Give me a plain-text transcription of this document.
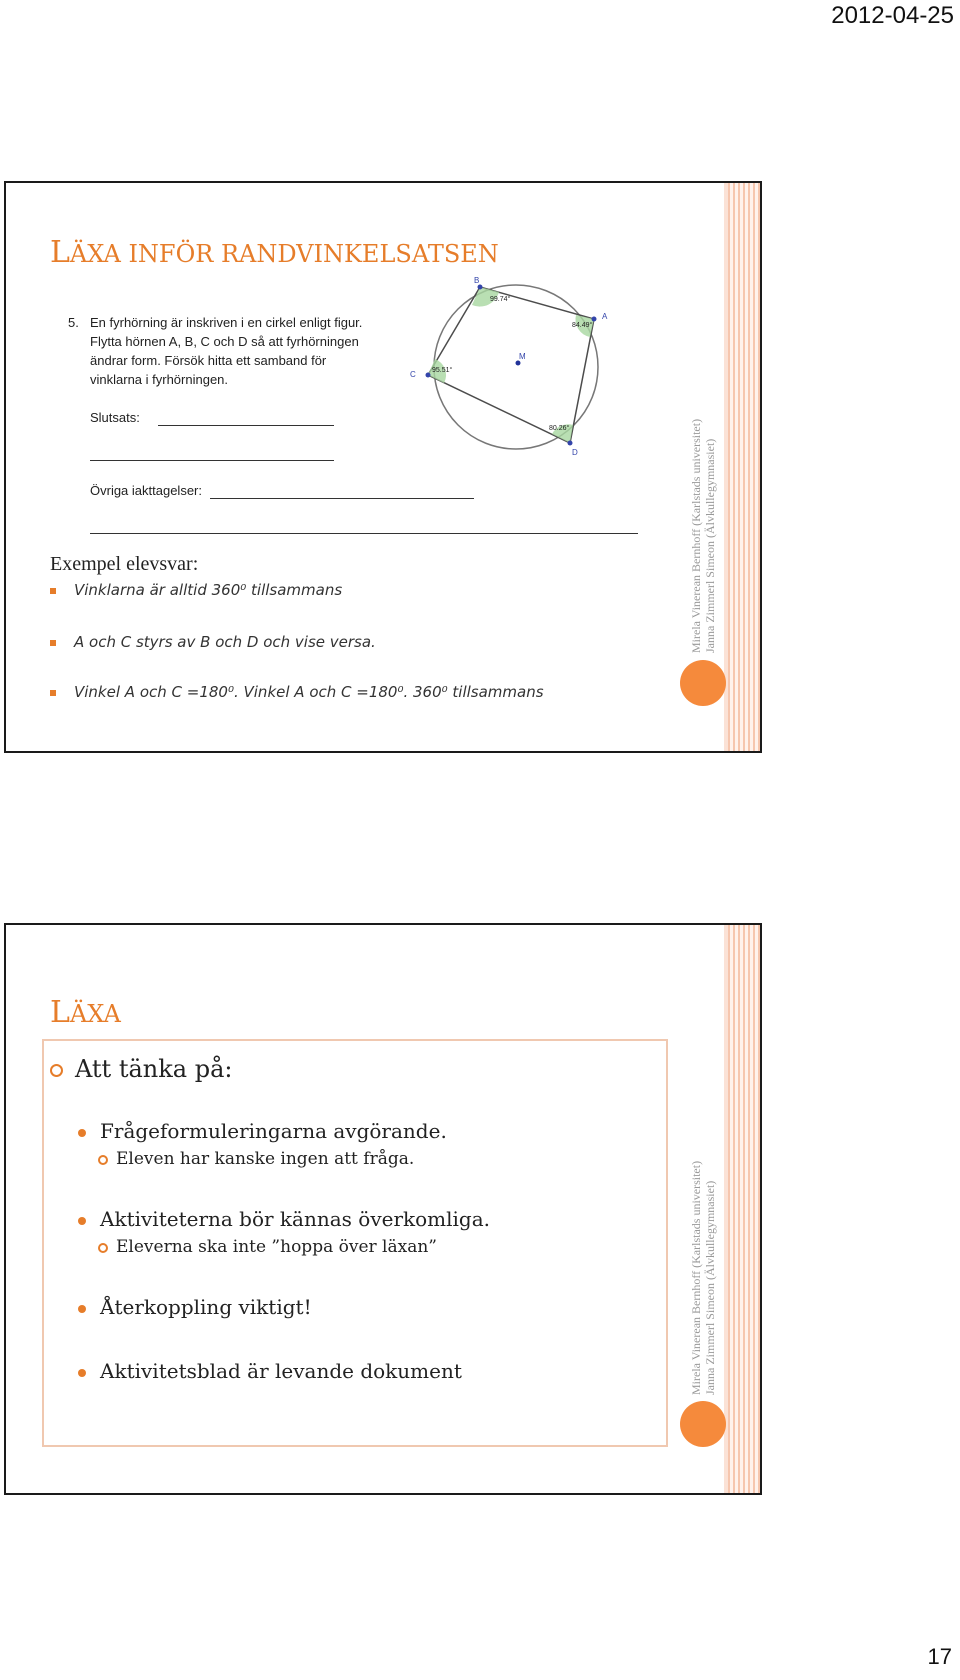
2012-04-25
Janna Zimmerl Simeon (Älvkullegymnasiet)
Mirela Vinerean Bernhoff (Karlstads universitet)
LÄXA INFÖR RANDVINKELSATSEN
5. En fyrhörning är inskriven i en cirkel enligt figur.
Flytta hörnen A, B, C och D så att fyrhörningen
ändrar form. Försök hitta ett samband för
vinklarna i fyrhörningen.
Slutsats:
Övriga iakttagelser:
B
A
C
D
M
99.74°
84.49°
95.51°
80.26°
Exempel elevsvar:
Vinklarna är alltid 360⁰ tillsammans
A och C styrs av B och D och vise versa.
Vinkel A och C =180⁰. Vinkel A och C =180⁰. 360⁰ tillsammans
Janna Zimmerl Simeon (Älvkullegymnasiet)
Mirela Vinerean Bernhoff (Karlstads universitet)
LÄXA
Att tänka på:
Frågeformuleringarna avgörande.
Eleven har kanske ingen att fråga.
Aktiviteterna bör kännas överkomliga.
Eleverna ska inte ”hoppa över läxan”
Återkoppling viktigt!
Aktivitetsblad är levande dokument
17
